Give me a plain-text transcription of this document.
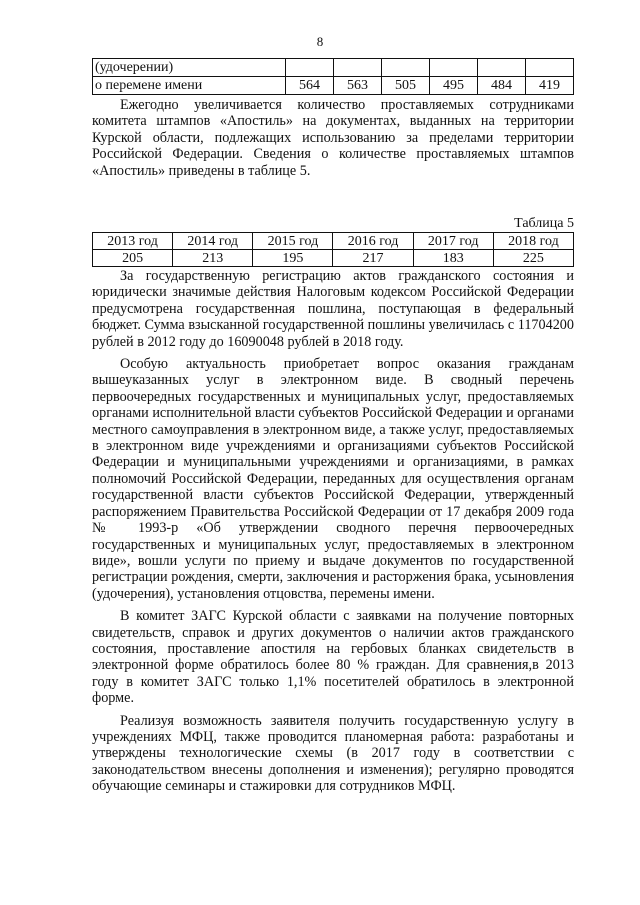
8
(удочерении)						
о перемене имени	564	563	505	495	484	419

Ежегодно увеличивается количество проставляемых сотрудниками комитета штампов «Апостиль» на документах, выданных на территории Курской области, подлежащих использованию за пределами территории Российской Федерации. Сведения о количестве проставляемых штампов «Апостиль» приведены в таблице 5.

Таблица 5
2013 год	2014 год	2015 год	2016 год	2017 год	2018 год
205	213	195	217	183	225

За государственную регистрацию актов гражданского состояния и юридически значимые действия Налоговым кодексом Российской Федерации предусмотрена государственная пошлина, поступающая в федеральный бюджет. Сумма взысканной государственной пошлины увеличилась с 11704200 рублей в 2012 году до 16090048 рублей в 2018 году.

Особую актуальность приобретает вопрос оказания гражданам вышеуказанных услуг в электронном виде. В сводный перечень первоочередных государственных и муниципальных услуг, предоставляемых органами исполнительной власти субъектов Российской Федерации и органами местного самоуправления в электронном виде, а также услуг, предоставляемых в электронном виде учреждениями и организациями субъектов Российской Федерации и муниципальными учреждениями и организациями, в рамках полномочий Российской Федерации, переданных для осуществления органам государственной власти субъектов Российской Федерации, утвержденный распоряжением Правительства Российской Федерации от 17 декабря 2009 года № 1993-р «Об утверждении сводного перечня первоочередных государственных и муниципальных услуг, предоставляемых в электронном виде», вошли услуги по приему и выдаче документов по государственной регистрации рождения, смерти, заключения и расторжения брака, усыновления (удочерения), установления отцовства, перемены имени.

В комитет ЗАГС Курской области с заявками на получение повторных свидетельств, справок и других документов о наличии актов гражданского состояния, проставление апостиля на гербовых бланках свидетельств в электронной форме обратилось более 80 % граждан. Для сравнения,в 2013 году в комитет ЗАГС только 1,1% посетителей обратилось в электронной форме.

Реализуя возможность заявителя получить государственную услугу в учреждениях МФЦ, также проводится планомерная работа: разработаны и утверждены технологические схемы (в 2017 году в соответствии с законодательством внесены дополнения и изменения); регулярно проводятся обучающие семинары и стажировки для сотрудников МФЦ.
